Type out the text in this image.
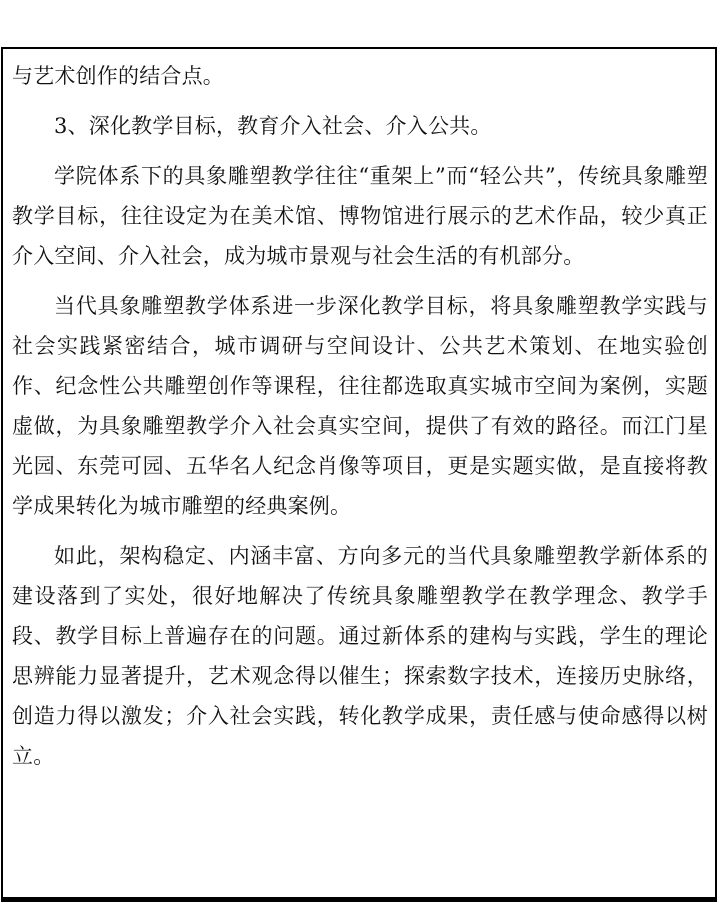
与艺术创作的结合点。

3、深化教学目标，教育介入社会、介入公共。

学院体系下的具象雕塑教学往往“重架上”而“轻公共”，传统具象雕塑教学目标，往往设定为在美术馆、博物馆进行展示的艺术作品，较少真正介入空间、介入社会，成为城市景观与社会生活的有机部分。

当代具象雕塑教学体系进一步深化教学目标，将具象雕塑教学实践与社会实践紧密结合，城市调研与空间设计、公共艺术策划、在地实验创作、纪念性公共雕塑创作等课程，往往都选取真实城市空间为案例，实题虚做，为具象雕塑教学介入社会真实空间，提供了有效的路径。而江门星光园、东莞可园、五华名人纪念肖像等项目，更是实题实做，是直接将教学成果转化为城市雕塑的经典案例。

如此，架构稳定、内涵丰富、方向多元的当代具象雕塑教学新体系的建设落到了实处，很好地解决了传统具象雕塑教学在教学理念、教学手段、教学目标上普遍存在的问题。通过新体系的建构与实践，学生的理论思辨能力显著提升，艺术观念得以催生；探索数字技术，连接历史脉络，创造力得以激发；介入社会实践，转化教学成果，责任感与使命感得以树立。
